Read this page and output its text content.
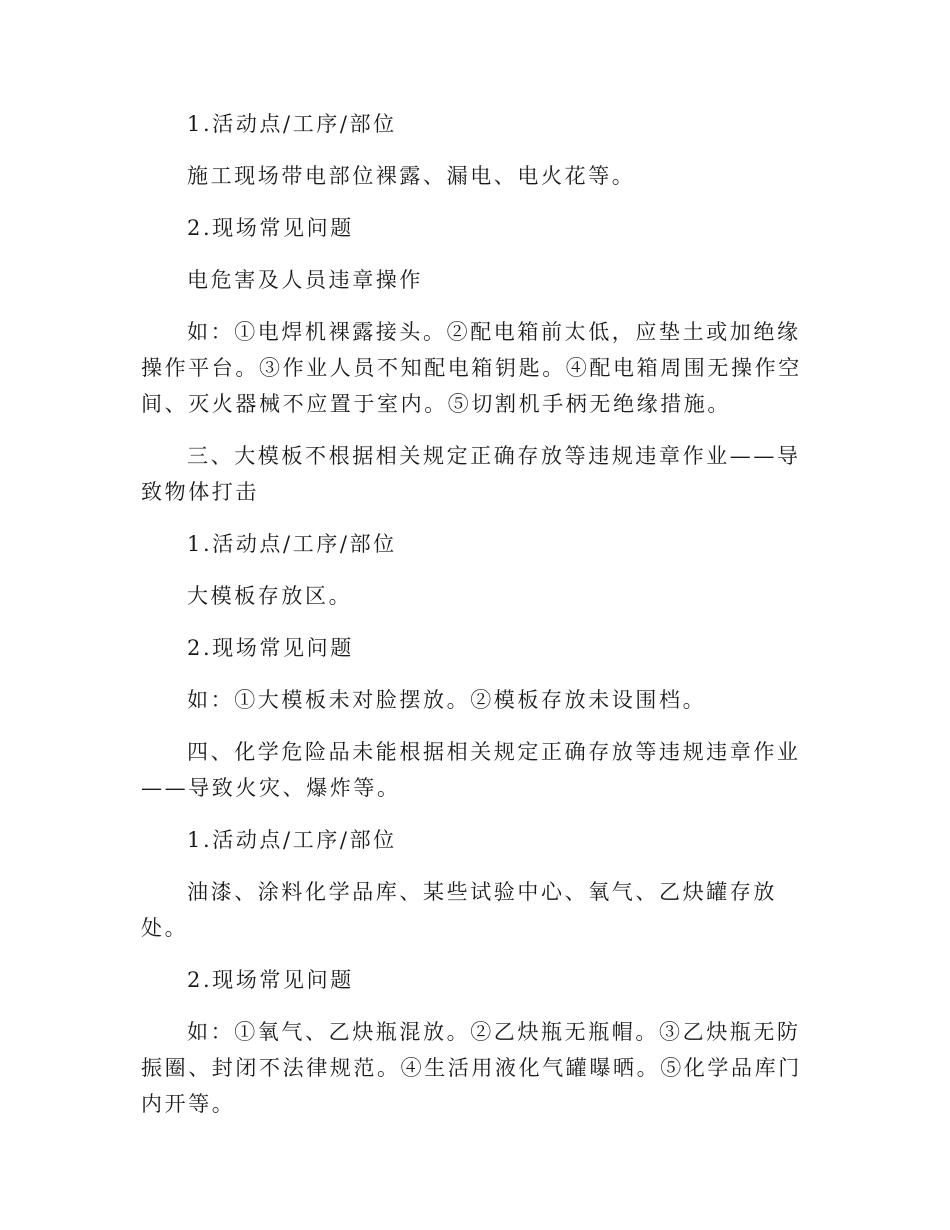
1.活动点/工序/部位

施工现场带电部位裸露、漏电、电火花等。

2.现场常见问题

电危害及人员违章操作

如：①电焊机裸露接头。②配电箱前太低，应垫土或加绝缘操作平台。③作业人员不知配电箱钥匙。④配电箱周围无操作空间、灭火器械不应置于室内。⑤切割机手柄无绝缘措施。

三、大模板不根据相关规定正确存放等违规违章作业——导致物体打击

1.活动点/工序/部位

大模板存放区。

2.现场常见问题

如：①大模板未对脸摆放。②模板存放未设围档。

四、化学危险品未能根据相关规定正确存放等违规违章作业——导致火灾、爆炸等。

1.活动点/工序/部位

油漆、涂料化学品库、某些试验中心、氧气、乙炔罐存放处。

2.现场常见问题

如：①氧气、乙炔瓶混放。②乙炔瓶无瓶帽。③乙炔瓶无防振圈、封闭不法律规范。④生活用液化气罐曝晒。⑤化学品库门内开等。
